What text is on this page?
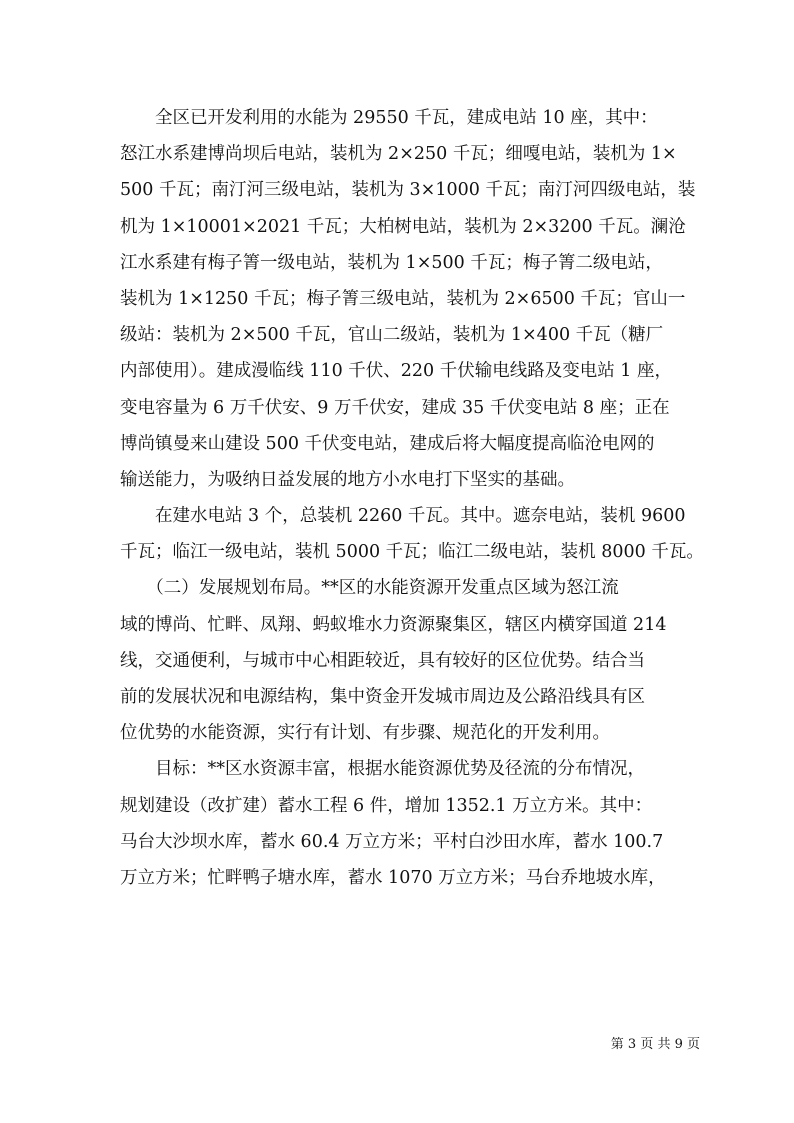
　　全区已开发利用的水能为 29550 千瓦，建成电站 10 座，其中：
怒江水系建博尚坝后电站，装机为 2×250 千瓦；细嘎电站，装机为 1×
500 千瓦；南汀河三级电站，装机为 3×1000 千瓦；南汀河四级电站，装
机为 1×10001×2021 千瓦；大柏树电站，装机为 2×3200 千瓦。澜沧
江水系建有梅子箐一级电站，装机为 1×500 千瓦；梅子箐二级电站，
装机为 1×1250 千瓦；梅子箐三级电站，装机为 2×6500 千瓦；官山一
级站：装机为 2×500 千瓦，官山二级站，装机为 1×400 千瓦（糖厂
内部使用）。建成漫临线 110 千伏、220 千伏输电线路及变电站 1 座，
变电容量为 6 万千伏安、9 万千伏安，建成 35 千伏变电站 8 座；正在
博尚镇曼来山建设 500 千伏变电站，建成后将大幅度提高临沧电网的
输送能力，为吸纳日益发展的地方小水电打下坚实的基础。
　　在建水电站 3 个，总装机 2260 千瓦。其中。遮奈电站，装机 9600
千瓦；临江一级电站，装机 5000 千瓦；临江二级电站，装机 8000 千瓦。
　　（二）发展规划布局。**区的水能资源开发重点区域为怒江流
域的博尚、忙畔、凤翔、蚂蚁堆水力资源聚集区，辖区内横穿国道 214
线，交通便利，与城市中心相距较近，具有较好的区位优势。结合当
前的发展状况和电源结构，集中资金开发城市周边及公路沿线具有区
位优势的水能资源，实行有计划、有步骤、规范化的开发利用。
　　目标：**区水资源丰富，根据水能资源优势及径流的分布情况，
规划建设（改扩建）蓄水工程 6 件，增加 1352.1 万立方米。其中：
马台大沙坝水库，蓄水 60.4 万立方米；平村白沙田水库，蓄水 100.7
万立方米；忙畔鸭子塘水库，蓄水 1070 万立方米；马台乔地坡水库，
第 3 页 共 9 页
